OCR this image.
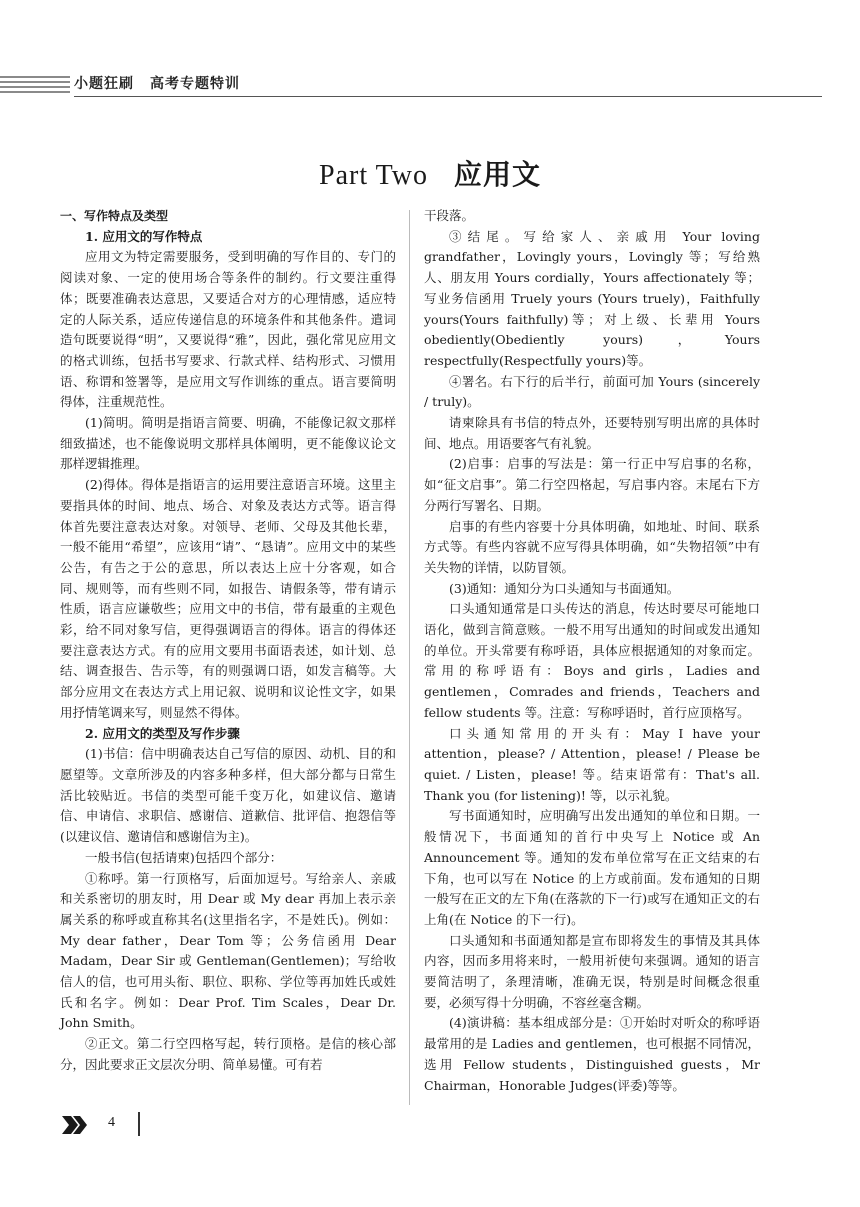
小题狂刷 高考专题特训
Part Two 应用文

一、写作特点及类型

1. 应用文的写作特点

应用文为特定需要服务，受到明确的写作目的、专门的阅读对象、一定的使用场合等条件的制约。行文要注重得体；既要准确表达意思，又要适合对方的心理情感，适应特定的人际关系，适应传递信息的环境条件和其他条件。遣词造句既要说得“明”，又要说得“雅”，因此，强化常见应用文的格式训练，包括书写要求、行款式样、结构形式、习惯用语、称谓和签署等，是应用文写作训练的重点。语言要简明得体，注重规范性。

(1)简明。简明是指语言简要、明确，不能像记叙文那样细致描述，也不能像说明文那样具体阐明，更不能像议论文那样逻辑推理。

(2)得体。得体是指语言的运用要注意语言环境。这里主要指具体的时间、地点、场合、对象及表达方式等。语言得体首先要注意表达对象。对领导、老师、父母及其他长辈，一般不能用“希望”，应该用“请”、“恳请”。应用文中的某些公告，有告之于公的意思，所以表达上应十分客观，如合同、规则等，而有些则不同，如报告、请假条等，带有请示性质，语言应谦敬些；应用文中的书信，带有最重的主观色彩，给不同对象写信，更得强调语言的得体。语言的得体还要注意表达方式。有的应用文要用书面语表述，如计划、总结、调查报告、告示等，有的则强调口语，如发言稿等。大部分应用文在表达方式上用记叙、说明和议论性文字，如果用抒情笔调来写，则显然不得体。

2. 应用文的类型及写作步骤

(1)书信：信中明确表达自己写信的原因、动机、目的和愿望等。文章所涉及的内容多种多样，但大部分都与日常生活比较贴近。书信的类型可能千变万化，如建议信、邀请信、申请信、求职信、感谢信、道歉信、批评信、抱怨信等(以建议信、邀请信和感谢信为主)。

一般书信(包括请柬)包括四个部分：

①称呼。第一行顶格写，后面加逗号。写给亲人、亲戚和关系密切的朋友时，用 Dear 或 My dear 再加上表示亲属关系的称呼或直称其名(这里指名字，不是姓氏)。例如：My dear father，Dear Tom 等；公务信函用 Dear Madam，Dear Sir 或 Gentleman(Gentlemen)；写给收信人的信，也可用头衔、职位、职称、学位等再加姓氏或姓氏和名字。例如：Dear Prof. Tim Scales，Dear Dr. John Smith。

②正文。第二行空四格写起，转行顶格。是信的核心部分，因此要求正文层次分明、简单易懂。可有若

干段落。

③结尾。写给家人、亲戚用 Your loving grandfather，Lovingly yours，Lovingly 等；写给熟人、朋友用 Yours cordially，Yours affectionately 等；写业务信函用 Truely yours (Yours truely)，Faithfully yours(Yours faithfully)等；对上级、长辈用 Yours obediently(Obediently yours)，Yours respectfully(Respectfully yours)等。

④署名。右下行的后半行，前面可加 Yours (sincerely / truly)。

请柬除具有书信的特点外，还要特别写明出席的具体时间、地点。用语要客气有礼貌。

(2)启事：启事的写法是：第一行正中写启事的名称，如“征文启事”。第二行空四格起，写启事内容。末尾右下方分两行写署名、日期。

启事的有些内容要十分具体明确，如地址、时间、联系方式等。有些内容就不应写得具体明确，如“失物招领”中有关失物的详情，以防冒领。

(3)通知：通知分为口头通知与书面通知。

口头通知通常是口头传达的消息，传达时要尽可能地口语化，做到言简意赅。一般不用写出通知的时间或发出通知的单位。开头常要有称呼语，具体应根据通知的对象而定。常用的称呼语有：Boys and girls，Ladies and gentlemen，Comrades and friends，Teachers and fellow students 等。注意：写称呼语时，首行应顶格写。

口头通知常用的开头有：May I have your attention，please? / Attention，please! / Please be quiet. / Listen，please! 等。结束语常有：That's all. Thank you (for listening)! 等，以示礼貌。

写书面通知时，应明确写出发出通知的单位和日期。一般情况下，书面通知的首行中央写上 Notice 或 An Announcement 等。通知的发布单位常写在正文结束的右下角，也可以写在 Notice 的上方或前面。发布通知的日期一般写在正文的左下角(在落款的下一行)或写在通知正文的右上角(在 Notice 的下一行)。

口头通知和书面通知都是宣布即将发生的事情及其具体内容，因而多用将来时，一般用祈使句来强调。通知的语言要简洁明了，条理清晰，准确无误，特别是时间概念很重要，必须写得十分明确，不容丝毫含糊。

(4)演讲稿：基本组成部分是：①开始时对听众的称呼语　最常用的是 Ladies and gentlemen，也可根据不同情况，选用 Fellow students，Distinguished guests，Mr Chairman，Honorable Judges(评委)等等。

4
